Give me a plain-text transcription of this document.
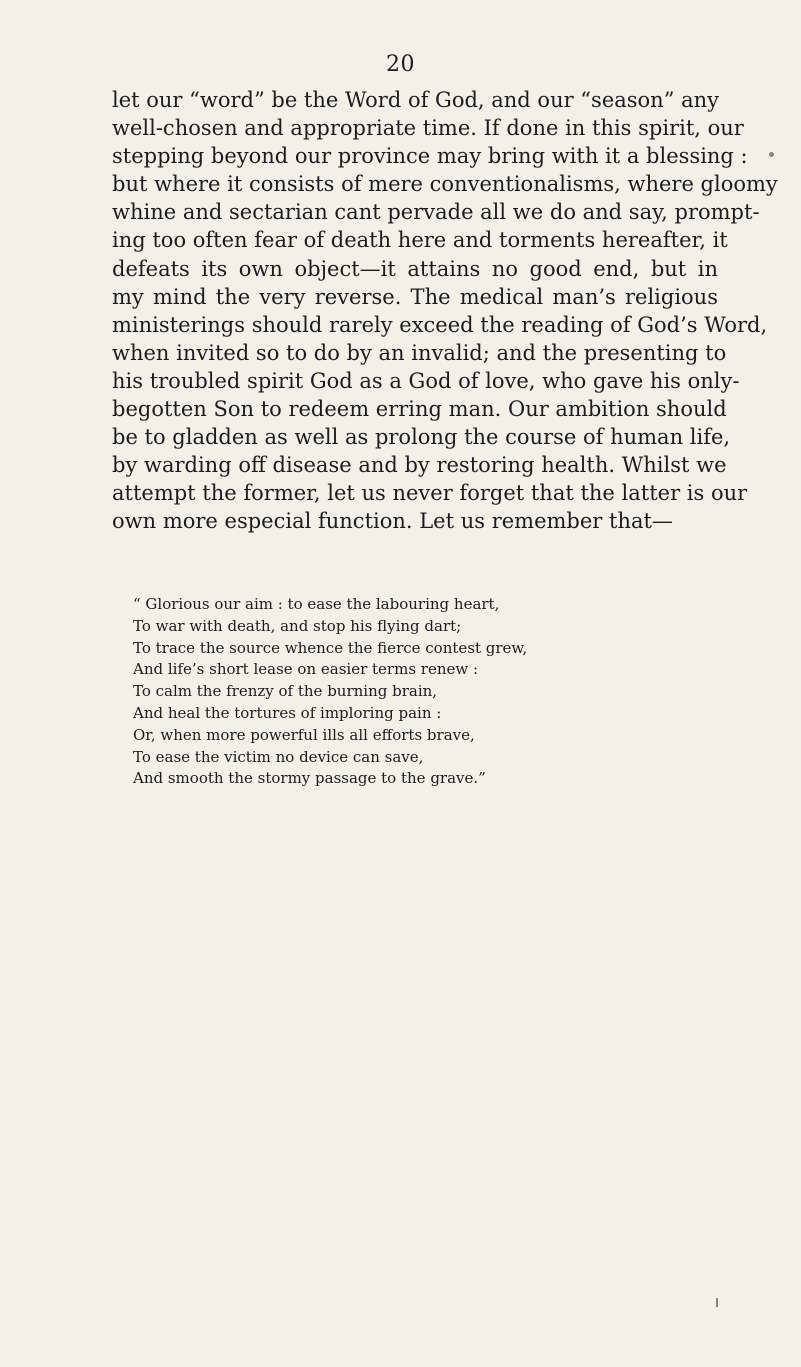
20
let our “word” be the Word of God, and our “season” any
well-chosen and appropriate time. If done in this spirit, our
stepping beyond our province may bring with it a blessing :
but where it consists of mere conventionalisms, where gloomy
whine and sectarian cant pervade all we do and say, prompt-
ing too often fear of death here and torments hereafter, it
defeats its own object—it attains no good end, but in
my mind the very reverse. The medical man’s religious
ministerings should rarely exceed the reading of God’s Word,
when invited so to do by an invalid; and the presenting to
his troubled spirit God as a God of love, who gave his only-
begotten Son to redeem erring man. Our ambition should
be to gladden as well as prolong the course of human life,
by warding off disease and by restoring health. Whilst we
attempt the former, let us never forget that the latter is our
own more especial function. Let us remember that—
“ Glorious our aim : to ease the labouring heart,
To war with death, and stop his flying dart;
To trace the source whence the fierce contest grew,
And life’s short lease on easier terms renew :
To calm the frenzy of the burning brain,
And heal the tortures of imploring pain :
Or, when more powerful ills all efforts brave,
To ease the victim no device can save,
And smooth the stormy passage to the grave.”
